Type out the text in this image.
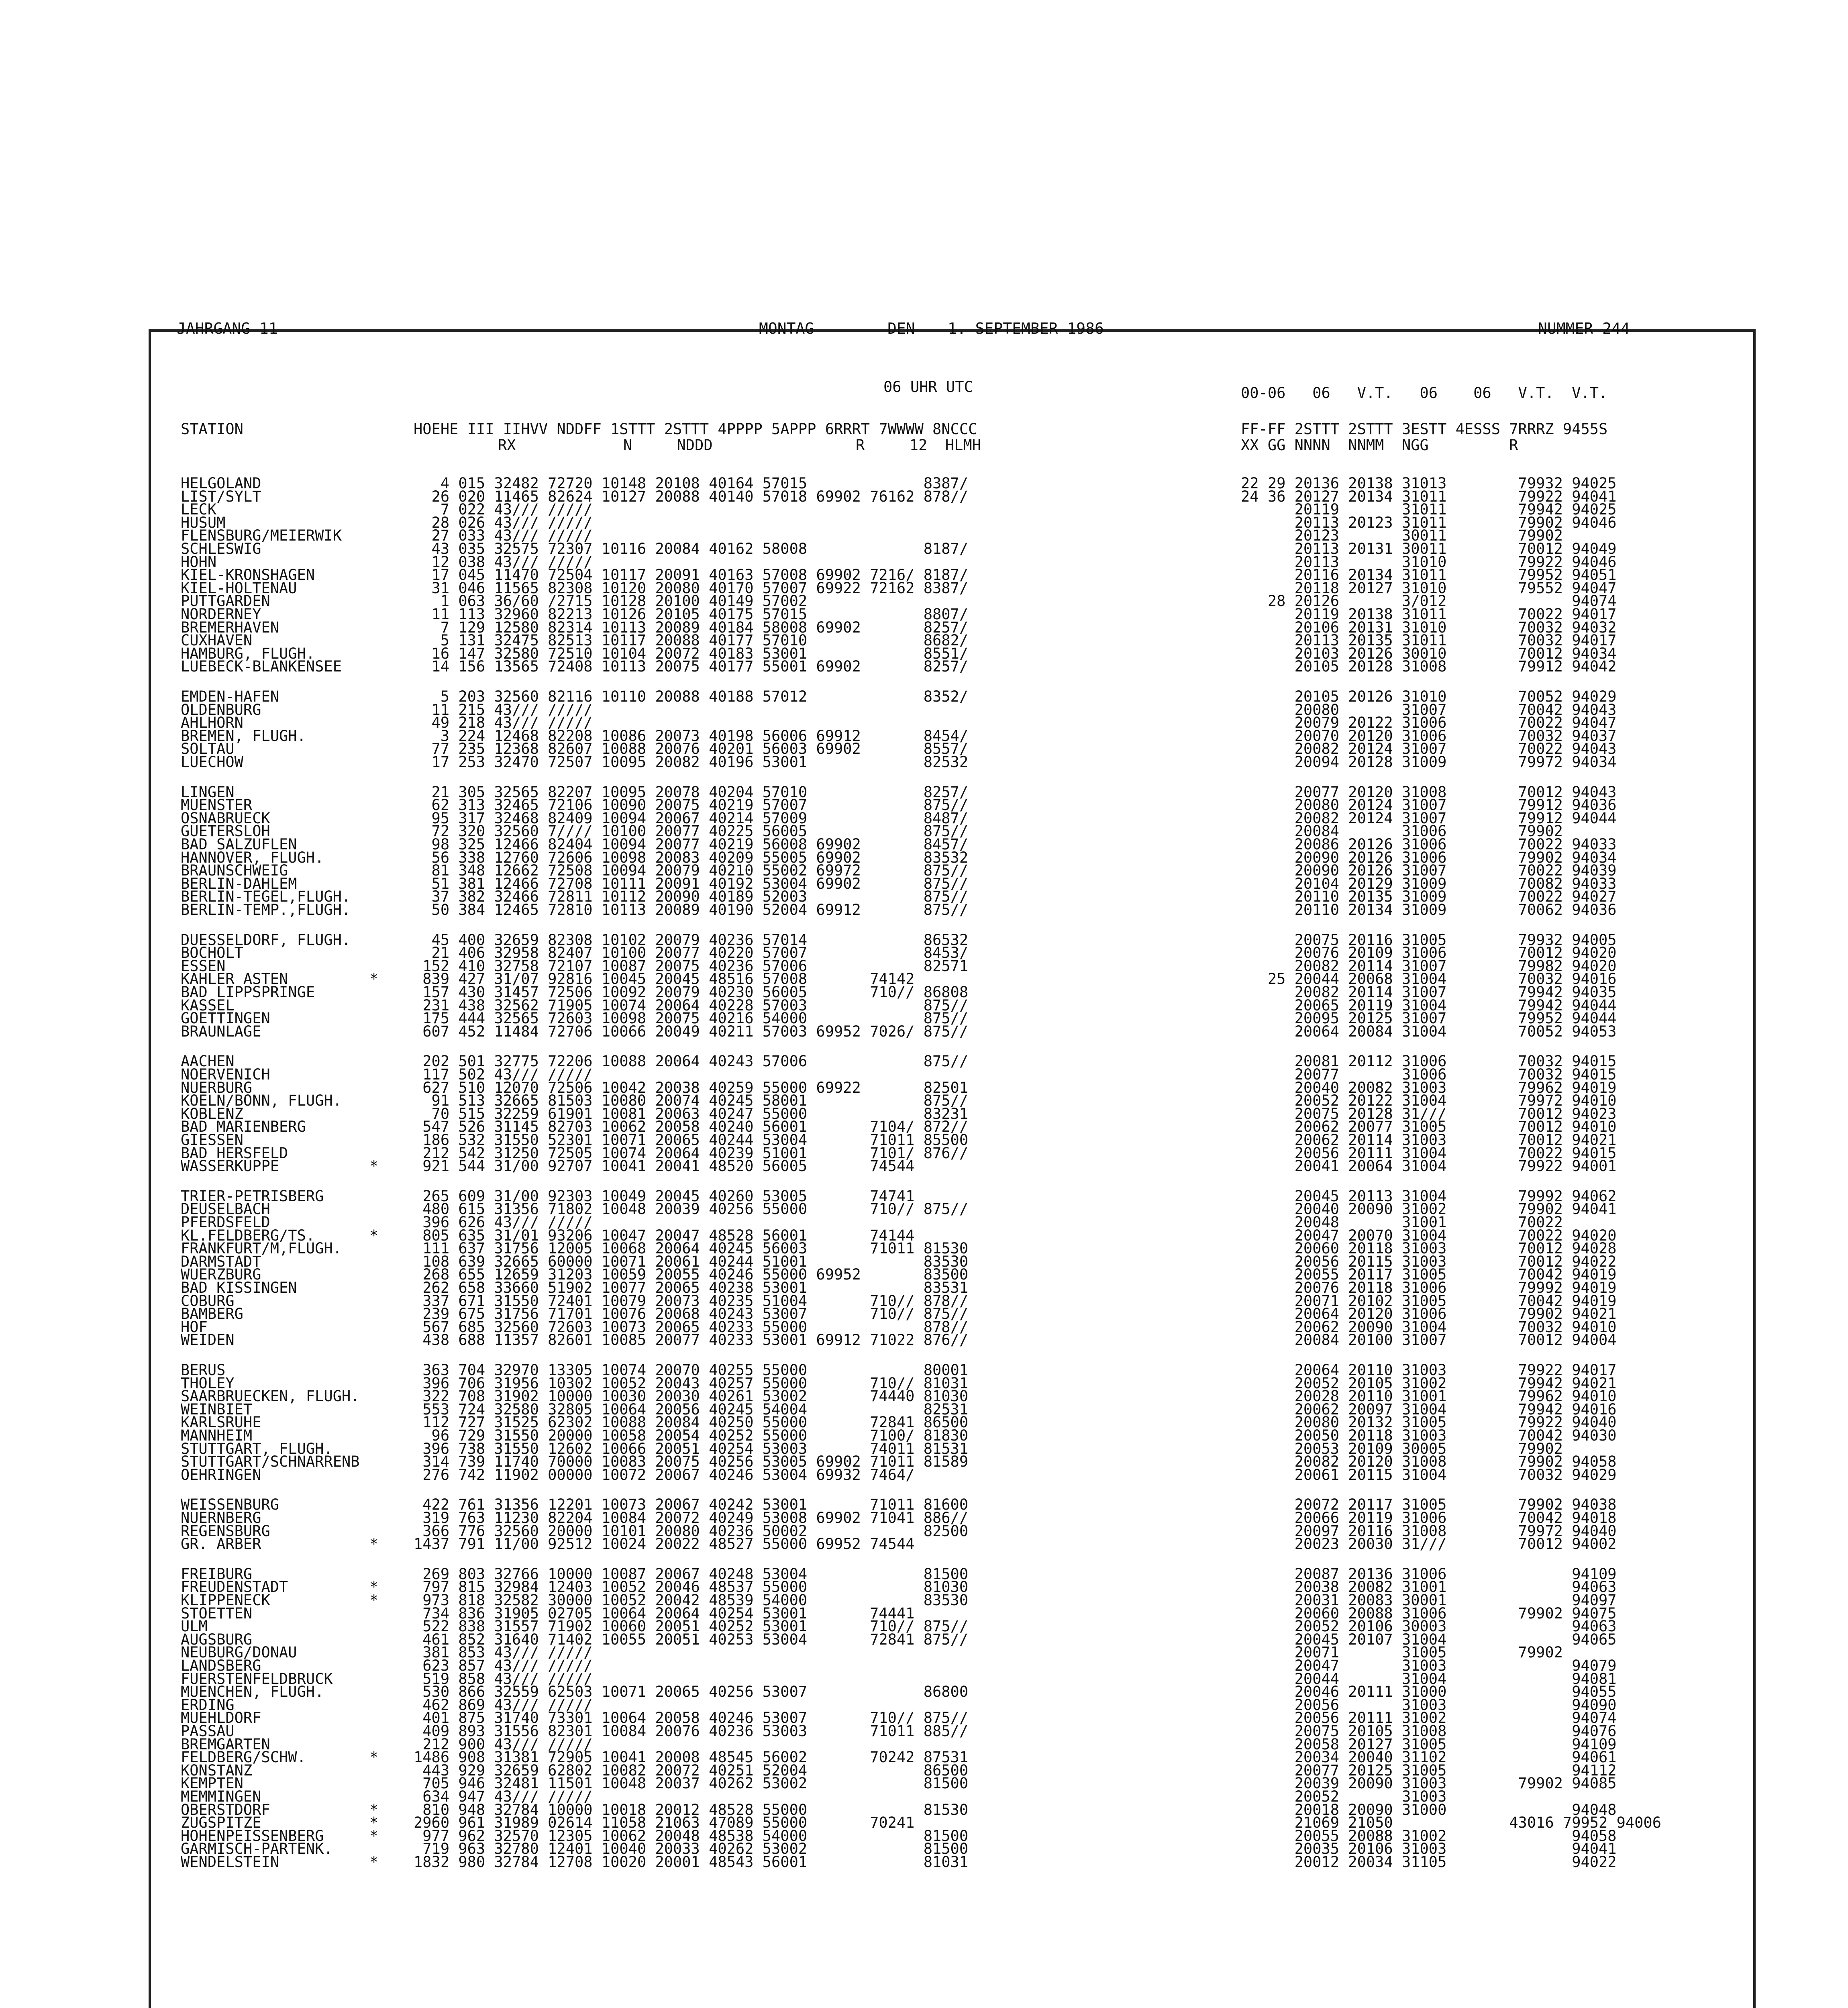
JAHRGANG 11	MONTAG	DEN 1. SEPTEMBER 1986	NUMMER 244
06 UHR UTC	00-06   06   V.T.   06    06   V.T.  V.T.
STATION	HOEHE III IIHVV NDDFF 1STTT 2STTT 4PPPP 5APPP 6RRRT 7WWWW 8NCCC
RX            N     NDDD                R     12  HLMH
FF-FF 2STTT 2STTT 3ESTT 4ESSS 7RRRZ 9455S
XX GG NNNN  NNMM  NGG         R
HELGOLAND	4 015 32482 72720 10148 20108 40164 57015             8387/	22 29 20136 20138 31013        79932 94025
LIST/SYLT	26 020 11465 82624 10127 20088 40140 57018 69902 76162 878//	24 36 20127 20134 31011        79922 94041
LECK	7 022 43/// /////	20119       31011        79942 94025
HUSUM	28 026 43/// /////	20113 20123 31011        79902 94046
FLENSBURG/MEIERWIK	27 033 43/// /////	20123       30011        79902
SCHLESWIG	43 035 32575 72307 10116 20084 40162 58008             8187/	20113 20131 30011        70012 94049
HOHN	12 038 43/// /////	20113       31010        79922 94046
KIEL-KRONSHAGEN	17 045 11470 72504 10117 20091 40163 57008 69902 7216/ 8187/	20116 20134 31011        79952 94051
KIEL-HOLTENAU	31 046 11565 82308 10120 20080 40170 57007 69922 72162 8387/	20118 20127 31010        79552 94047
PUTTGARDEN	1 063 36/60 /2715 10128 20100 40149 57002	28 20126       3/012              94074
NORDERNEY	11 113 32960 82213 10126 20105 40175 57015             8807/	20119 20138 31011        70022 94017
BREMERHAVEN	7 129 12580 82314 10113 20089 40184 58008 69902       8257/	20106 20131 31010        70032 94032
CUXHAVEN	5 131 32475 82513 10117 20088 40177 57010             8682/	20113 20135 31011        70032 94017
HAMBURG, FLUGH.	16 147 32580 72510 10104 20072 40183 53001             8551/	20103 20126 30010        70012 94034
LUEBECK-BLANKENSEE	14 156 13565 72408 10113 20075 40177 55001 69902       8257/	20105 20128 31008        79912 94042
EMDEN-HAFEN	5 203 32560 82116 10110 20088 40188 57012             8352/	20105 20126 31010        70052 94029
OLDENBURG	11 215 43/// /////	20080       31007        70042 94043
AHLHORN	49 218 43/// /////	20079 20122 31006        70022 94047
BREMEN, FLUGH.	3 224 12468 82208 10086 20073 40198 56006 69912       8454/	20070 20120 31006        70032 94037
SOLTAU	77 235 12368 82607 10088 20076 40201 56003 69902       8557/	20082 20124 31007        70022 94043
LUECHOW	17 253 32470 72507 10095 20082 40196 53001             82532	20094 20128 31009        79972 94034
LINGEN	21 305 32565 82207 10095 20078 40204 57010             8257/	20077 20120 31008        70012 94043
MUENSTER	62 313 32465 72106 10090 20075 40219 57007             875//	20080 20124 31007        79912 94036
OSNABRUECK	95 317 32468 82409 10094 20067 40214 57009             8487/	20082 20124 31007        79912 94044
GUETERSLOH	72 320 32560 7//// 10100 20077 40225 56005             875//	20084       31006        79902
BAD SALZUFLEN	98 325 12466 82404 10094 20077 40219 56008 69902       8457/	20086 20126 31006        70022 94033
HANNOVER, FLUGH.	56 338 12760 72606 10098 20083 40209 55005 69902       83532	20090 20126 31006        79902 94034
BRAUNSCHWEIG	81 348 12662 72508 10094 20079 40210 55002 69972       875//	20090 20126 31007        70022 94039
BERLIN-DAHLEM	51 381 12466 72708 10111 20091 40192 53004 69902       875//	20104 20129 31009        70082 94033
BERLIN-TEGEL,FLUGH.	37 382 32466 72811 10112 20090 40189 52003             875//	20110 20135 31009        70022 94027
BERLIN-TEMP.,FLUGH.	50 384 12465 72810 10113 20089 40190 52004 69912       875//	20110 20134 31009        70062 94036
DUESSELDORF, FLUGH.	45 400 32659 82308 10102 20079 40236 57014             86532	20075 20116 31005        79932 94005
BOCHOLT	21 406 32958 82407 10100 20077 40220 57007             8453/	20076 20109 31006        70012 94020
ESSEN	152 410 32758 72107 10087 20075 40236 57006             82571	20082 20114 31007        79982 94020
KAHLER ASTEN	* 839 427 31/07 92816 10045 20045 48516 57008       74142	25 20044 20068 31004        70032 94016
BAD LIPPSPRINGE	157 430 31457 72506 10092 20079 40230 56005       710// 86808	20082 20114 31007        79942 94035
KASSEL	231 438 32562 71905 10074 20064 40228 57003             875//	20065 20119 31004        79942 94044
GOETTINGEN	175 444 32565 72603 10098 20075 40216 54000             875//	20095 20125 31007        79952 94044
BRAUNLAGE	607 452 11484 72706 10066 20049 40211 57003 69952 7026/ 875//	20064 20084 31004        70052 94053
AACHEN	202 501 32775 72206 10088 20064 40243 57006             875//	20081 20112 31006        70032 94015
NOERVENICH	117 502 43/// /////	20077       31006        70032 94015
NUERBURG	627 510 12070 72506 10042 20038 40259 55000 69922       82501	20040 20082 31003        79962 94019
KOELN/BONN, FLUGH.	91 513 32665 81503 10080 20074 40245 58001             875//	20052 20122 31004        79972 94010
KOBLENZ	70 515 32259 61901 10081 20063 40247 55000             83231	20075 20128 31///        70012 94023
BAD MARIENBERG	547 526 31145 82703 10062 20058 40240 56001       7104/ 872//	20062 20077 31005        70012 94010
GIESSEN	186 532 31550 52301 10071 20065 40244 53004       71011 85500	20062 20114 31003        70012 94021
BAD HERSFELD	212 542 31250 72505 10074 20064 40239 51001       7101/ 876//	20056 20111 31004        70022 94015
WASSERKUPPE	* 921 544 31/00 92707 10041 20041 48520 56005       74544	20041 20064 31004        79922 94001
TRIER-PETRISBERG	265 609 31/00 92303 10049 20045 40260 53005       74741	20045 20113 31004        79992 94062
DEUSELBACH	480 615 31356 71802 10048 20039 40256 55000       710// 875//	20040 20090 31002        79902 94041
PFERDSFELD	396 626 43/// /////	20048       31001        70022
KL.FELDBERG/TS.	* 805 635 31/01 93206 10047 20047 48528 56001       74144	20047 20070 31004        70022 94020
FRANKFURT/M,FLUGH.	111 637 31756 12005 10068 20064 40245 56003       71011 81530	20060 20118 31003        70012 94028
DARMSTADT	108 639 32665 60000 10071 20061 40244 51001             83530	20056 20115 31003        70012 94022
WUERZBURG	268 655 12659 31203 10059 20055 40246 55000 69952       83500	20055 20117 31005        70042 94019
BAD KISSINGEN	262 658 33660 51902 10077 20065 40238 53001             83531	20076 20118 31006        79992 94019
COBURG	337 671 31550 72401 10079 20073 40235 51004       710// 878//	20071 20102 31005        70042 94019
BAMBERG	239 675 31756 71701 10076 20068 40243 53007       710// 875//	20064 20120 31006        79902 94021
HOF	567 685 32560 72603 10073 20065 40233 55000             878//	20062 20090 31004        70032 94010
WEIDEN	438 688 11357 82601 10085 20077 40233 53001 69912 71022 876//	20084 20100 31007        70012 94004
BERUS	363 704 32970 13305 10074 20070 40255 55000             80001	20064 20110 31003        79922 94017
THOLEY	396 706 31956 10302 10052 20043 40257 55000       710// 81031	20052 20105 31002        79942 94021
SAARBRUECKEN, FLUGH.	322 708 31902 10000 10030 20030 40261 53002       74440 81030	20028 20110 31001        79962 94010
WEINBIET	553 724 32580 32805 10064 20056 40245 54004             82531	20062 20097 31004        79942 94016
KARLSRUHE	112 727 31525 62302 10088 20084 40250 55000       72841 86500	20080 20132 31005        79922 94040
MANNHEIM	96 729 31550 20000 10058 20054 40252 55000       7100/ 81830	20050 20118 31003        70042 94030
STUTTGART, FLUGH.	396 738 31550 12602 10066 20051 40254 53003       74011 81531	20053 20109 30005        79902
STUTTGART/SCHNARRENB	314 739 11740 70000 10083 20075 40256 53005 69902 71011 81589	20082 20120 31008        79902 94058
OEHRINGEN	276 742 11902 00000 10072 20067 40246 53004 69932 7464/	20061 20115 31004        70032 94029
WEISSENBURG	422 761 31356 12201 10073 20067 40242 53001       71011 81600	20072 20117 31005        79902 94038
NUERNBERG	319 763 11230 82204 10084 20072 40249 53008 69902 71041 886//	20066 20119 31006        70042 94018
REGENSBURG	366 776 32560 20000 10101 20080 40236 50002             82500	20097 20116 31008        79972 94040
GR. ARBER	* 1437 791 11/00 92512 10024 20022 48527 55000 69952 74544	20023 20030 31///        70012 94002
FREIBURG	269 803 32766 10000 10087 20067 40248 53004             81500	20087 20136 31006              94109
FREUDENSTADT	* 797 815 32984 12403 10052 20046 48537 55000             81030	20038 20082 31001              94063
KLIPPENECK	* 973 818 32582 30000 10052 20042 48539 54000             83530	20031 20083 30001              94097
STOETTEN	734 836 31905 02705 10064 20064 40254 53001       74441	20060 20088 31006        79902 94075
ULM	522 838 31557 71902 10060 20051 40252 53001       710// 875//	20052 20106 30003              94063
AUGSBURG	461 852 31640 71402 10055 20051 40253 53004       72841 875//	20045 20107 31004              94065
NEUBURG/DONAU	381 853 43/// /////	20071       31005        79902
LANDSBERG	623 857 43/// /////	20047       31003              94079
FUERSTENFELDBRUCK	519 858 43/// /////	20044       31004              94081
MUENCHEN, FLUGH.	530 866 32559 62503 10071 20065 40256 53007             86800	20046 20111 31000              94055
ERDING	462 869 43/// /////	20056       31003              94090
MUEHLDORF	401 875 31740 73301 10064 20058 40246 53007       710// 875//	20056 20111 31002              94074
PASSAU	409 893 31556 82301 10084 20076 40236 53003       71011 885//	20075 20105 31008              94076
BREMGARTEN	212 900 43/// /////	20058 20127 31005              94109
FELDBERG/SCHW.	* 1486 908 31381 72905 10041 20008 48545 56002       70242 87531	20034 20040 31102              94061
KONSTANZ	443 929 32659 62802 10082 20072 40251 52004             86500	20077 20125 31005              94112
KEMPTEN	705 946 32481 11501 10048 20037 40262 53002             81500	20039 20090 31003        79902 94085
MEMMINGEN	634 947 43/// /////	20052       31003
OBERSTDORF	* 810 948 32784 10000 10018 20012 48528 55000             81530	20018 20090 31000              94048
ZUGSPITZE	* 2960 961 31989 02614 11058 21063 47089 55000       70241	21069 21050             43016 79952 94006
HOHENPEISSENBERG	* 977 962 32570 12305 10062 20048 48538 54000             81500	20055 20088 31002              94058
GARMISCH-PARTENK.	719 963 32780 12401 10040 20033 40262 53002             81500	20035 20106 31003              94041
WENDELSTEIN	* 1832 980 32784 12708 10020 20001 48543 56001             81031	20012 20034 31105              94022
